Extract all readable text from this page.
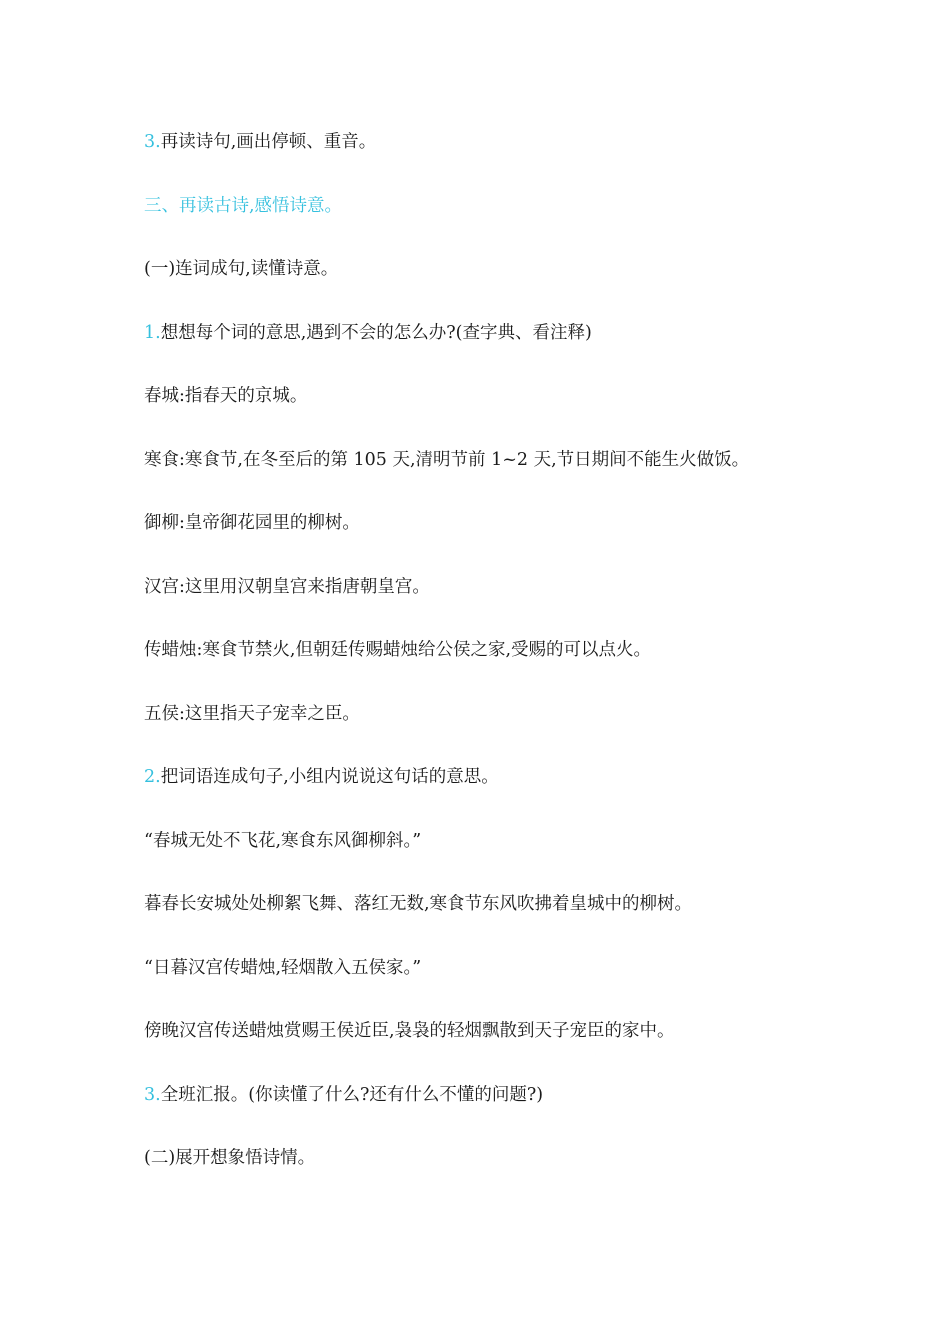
3.再读诗句,画出停顿、重音。
三、再读古诗,感悟诗意。
(一)连词成句,读懂诗意。
1.想想每个词的意思,遇到不会的怎么办?(查字典、看注释)
春城:指春天的京城。
寒食:寒食节,在冬至后的第 105 天,清明节前 1~2 天,节日期间不能生火做饭。
御柳:皇帝御花园里的柳树。
汉宫:这里用汉朝皇宫来指唐朝皇宫。
传蜡烛:寒食节禁火,但朝廷传赐蜡烛给公侯之家,受赐的可以点火。
五侯:这里指天子宠幸之臣。
2.把词语连成句子,小组内说说这句话的意思。
“春城无处不飞花,寒食东风御柳斜。”
暮春长安城处处柳絮飞舞、落红无数,寒食节东风吹拂着皇城中的柳树。
“日暮汉宫传蜡烛,轻烟散入五侯家。”
傍晚汉宫传送蜡烛赏赐王侯近臣,袅袅的轻烟飘散到天子宠臣的家中。
3.全班汇报。(你读懂了什么?还有什么不懂的问题?)
(二)展开想象悟诗情。
